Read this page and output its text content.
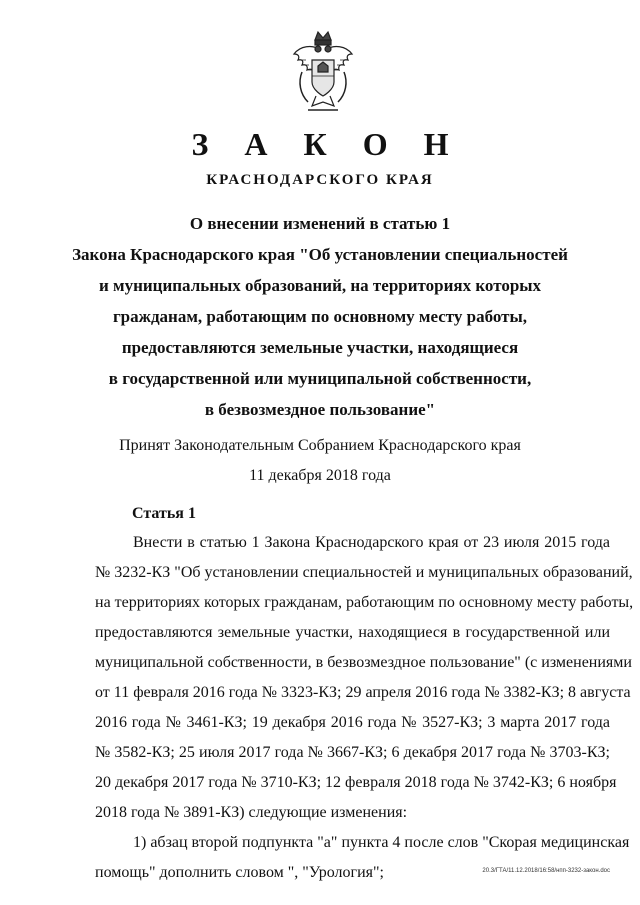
З А К О Н
КРАСНОДАРСКОГО КРАЯ
О внесении изменений в статью 1
Закона Краснодарского края "Об установлении специальностей
и муниципальных образований, на территориях которых
гражданам, работающим по основному месту работы,
предоставляются земельные участки, находящиеся
в государственной или муниципальной собственности,
в безвозмездное пользование"
Принят Законодательным Собранием Краснодарского края
11 декабря 2018 года
Статья 1
Внести в статью 1 Закона Краснодарского края от 23 июля 2015 года
№ 3232-КЗ "Об установлении специальностей и муниципальных образований,
на территориях которых гражданам, работающим по основному месту работы,
предоставляются земельные участки, находящиеся в государственной или
муниципальной собственности, в безвозмездное пользование" (с изменениями
от 11 февраля 2016 года № 3323-КЗ; 29 апреля 2016 года № 3382-КЗ; 8 августа
2016 года № 3461-КЗ; 19 декабря 2016 года № 3527-КЗ; 3 марта 2017 года
№ 3582-КЗ; 25 июля 2017 года № 3667-КЗ; 6 декабря 2017 года № 3703-КЗ;
20 декабря 2017 года № 3710-КЗ; 12 февраля 2018 года № 3742-КЗ; 6 ноября
2018 года № 3891-КЗ) следующие изменения:
1) абзац второй подпункта "а" пункта 4 после слов "Скорая медицинская
помощь" дополнить словом ", "Урология";	20.3/ГТА/11.12.2018/16:58/нпп-3232-закон.doc
